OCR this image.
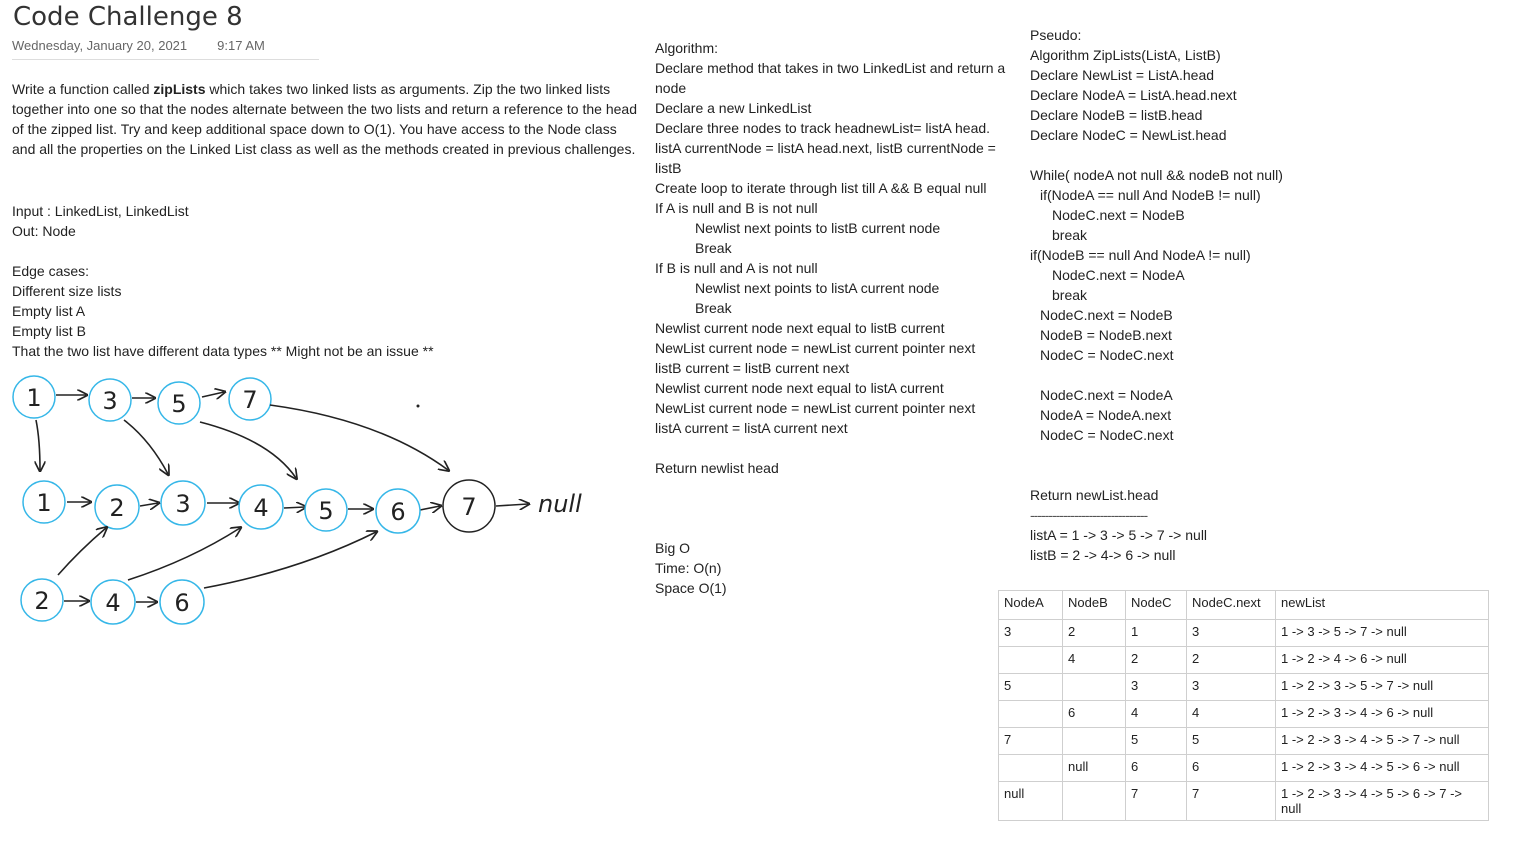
Code Challenge 8
Wednesday, January 20, 2021 9:17 AM
Write a function called zipLists which takes two linked lists as arguments. Zip the two linked lists together into one so that the nodes alternate between the two lists and return a reference to the head of the zipped list. Try and keep additional space down to O(1). You have access to the Node class and all the properties on the Linked List class as well as the methods created in previous challenges.
Input : LinkedList, LinkedList
Out: Node
Edge cases:
Different size lists
Empty list A
Empty list B
That the two list have different data types ** Might not be an issue **
1	3 5 7
1 2 3	4 5 6 7	null
2 4 6
Algorithm:
Declare method that takes in two LinkedList and return a node
Declare a new LinkedList
Declare three nodes to track headnewList= listA head. listA currentNode = listA head.next, listB currentNode = listB
Create loop to iterate through list till A && B equal null
If A is null and B is not null
Newlist next points to listB current node
Break
If B is null and A is not null
Newlist next points to listA current node
Break
Newlist current node next equal to listB current
NewList current node = newList current pointer next
listB current = listB current next
Newlist current node next equal to listA current
NewList current node = newList current pointer next
listA current = listA current next
Return newlist head
Big O
Time: O(n)
Space O(1)
Pseudo:
Algorithm ZipLists(ListA, ListB)
Declare NewList = ListA.head
Declare NodeA = ListA.head.next
Declare NodeB = listB.head
Declare NodeC = NewList.head
While( nodeA not null && nodeB not null)
if(NodeA == null And NodeB != null)
NodeC.next = NodeB
break
if(NodeB == null And NodeA != null)
NodeC.next = NodeA
break
NodeC.next = NodeB
NodeB = NodeB.next
NodeC = NodeC.next
NodeC.next = NodeA
NodeA = NodeA.next
NodeC = NodeC.next
Return newList.head
--------------------------------
listA = 1 -> 3 -> 5 -> 7 -> null
listB = 2 -> 4-> 6 -> null
NodeA	NodeB	NodeC	NodeC.next	newList
3	2	1	3	1 -> 3 -> 5 -> 7 -> null
	4	2	2	1 -> 2 -> 4 -> 6 -> null
5		3	3	1 -> 2 -> 3 -> 5 -> 7 -> null
	6	4	4	1 -> 2 -> 3 -> 4 -> 6 -> null
7		5	5	1 -> 2 -> 3 -> 4 -> 5 -> 7 -> null
	null	6	6	1 -> 2 -> 3 -> 4 -> 5 -> 6 -> null
null		7	7	1 -> 2 -> 3 -> 4 -> 5 -> 6 -> 7 -> null
